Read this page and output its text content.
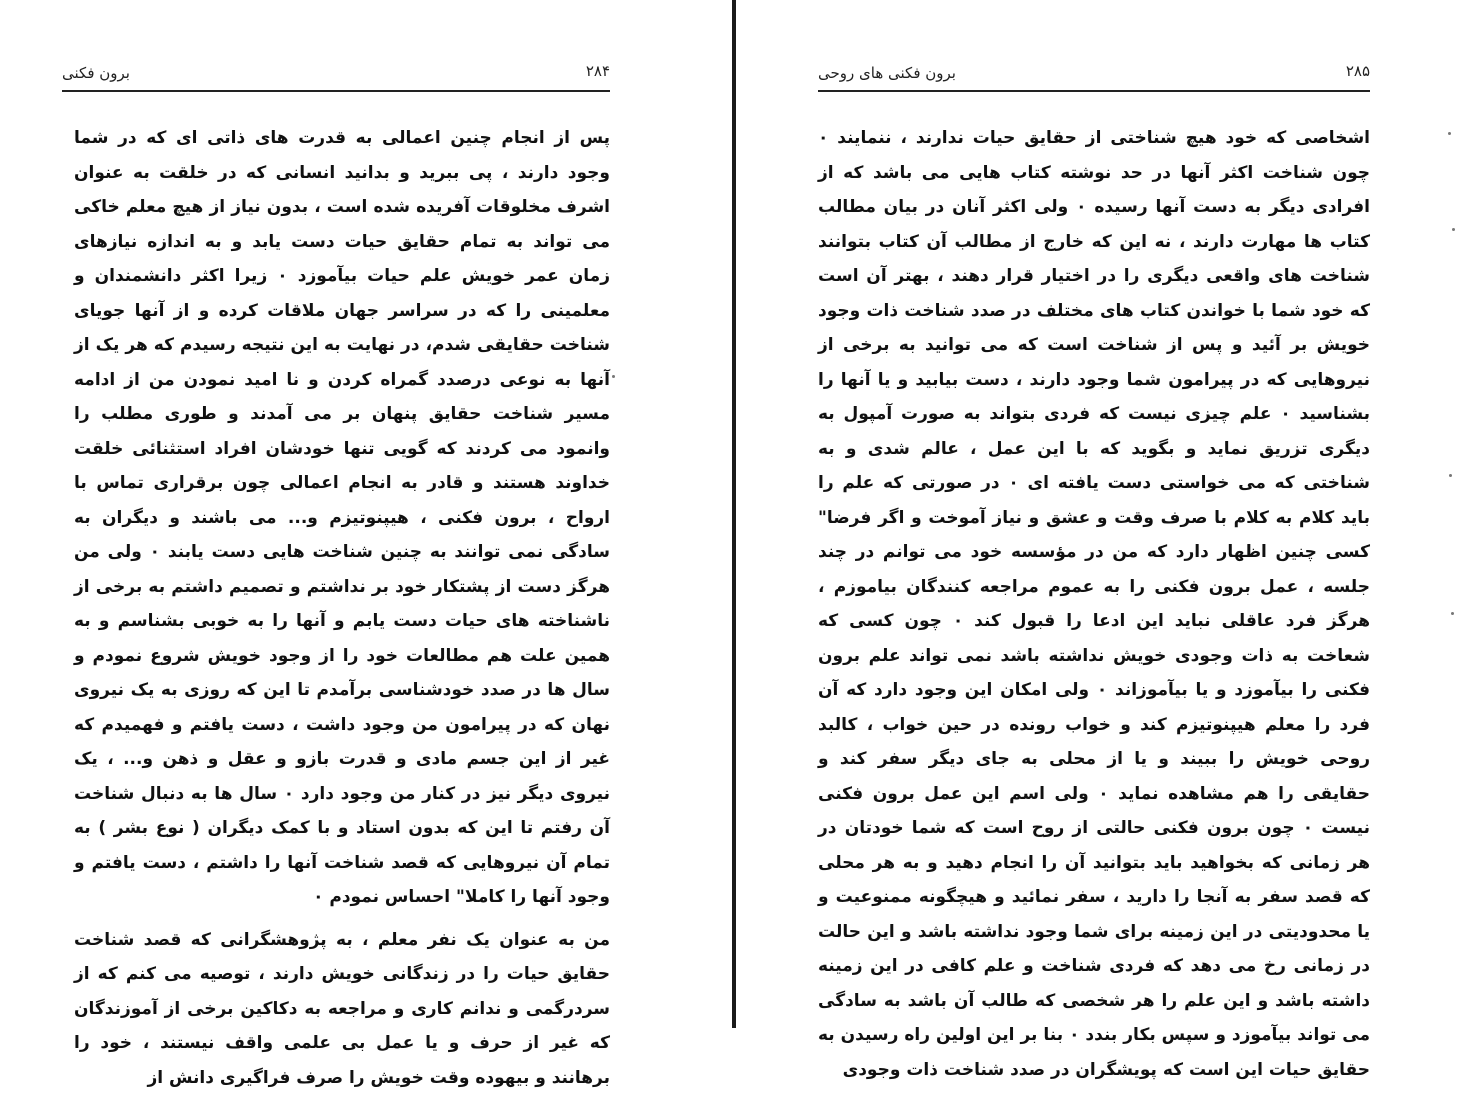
برون فکنی	۲۸۴

پس از انجام چنین اعمالی به قدرت های ذاتی ای که در شما وجود دارند ، پی ببرید و بدانید انسانی که در خلقت به عنوان اشرف مخلوقات آفریده شده است ، بدون نیاز از هیچ معلم خاکی می تواند به تمام حقایق حیات دست یابد و به اندازه نیازهای زمان عمر خویش علم حیات بیآموزد ۰ زیرا اکثر دانشمندان و معلمینی را که در سراسر جهان ملاقات کرده و از آنها جویای شناخت حقایقی شدم، در نهایت به این نتیجه رسیدم که هر یک از آنها به نوعی درصدد گمراه کردن و نا امید نمودن من از ادامه مسیر شناخت حقایق پنهان بر می آمدند و طوری مطلب را وانمود می کردند که گویی تنها خودشان افراد استثنائی خلقت خداوند هستند و قادر به انجام اعمالی چون برقراری تماس با ارواح ، برون فکنی ، هیپنوتیزم و... می باشند و دیگران به سادگی نمی توانند به چنین شناخت هایی دست یابند ۰ ولی من هرگز دست از پشتکار خود بر نداشتم و تصمیم داشتم به برخی از ناشناخته های حیات دست یابم و آنها را به خوبی بشناسم و به همین علت هم مطالعات خود را از وجود خویش شروع نمودم و سال ها در صدد خودشناسی برآمدم تا این که روزی به یک نیروی نهان که در پیرامون من وجود داشت ، دست یافتم و فهمیدم که غیر از این جسم مادی و قدرت بازو و عقل و ذهن و... ، یک نیروی دیگر نیز در کنار من وجود دارد ۰ سال ها به دنبال شناخت آن رفتم تا این که بدون استاد و با کمک دیگران ( نوع بشر ) به تمام آن نیروهایی که قصد شناخت آنها را داشتم ، دست یافتم و وجود آنها را کاملا" احساس نمودم ۰

من به عنوان یک نفر معلم ، به پژوهشگرانی که قصد شناخت حقایق حیات را در زندگانی خویش دارند ، توصیه می کنم که از سردرگمی و ندانم کاری و مراجعه به دکاکین برخی از آموزندگان که غیر از حرف و یا عمل بی علمی واقف نیستند ، خود را برهانند و بیهوده وقت خویش را صرف فراگیری دانش از

برون فکنی های روحی	۲۸۵

اشخاصی که خود هیچ شناختی از حقایق حیات ندارند ، ننمایند ۰ چون شناخت اکثر آنها در حد نوشته کتاب هایی می باشد که از افرادی دیگر به دست آنها رسیده ۰ ولی اکثر آنان در بیان مطالب کتاب ها مهارت دارند ، نه این که خارج از مطالب آن کتاب بتوانند شناخت های واقعی دیگری را در اختیار قرار دهند ، بهتر آن است که خود شما با خواندن کتاب های مختلف در صدد شناخت ذات وجود خویش بر آئید و پس از شناخت است که می توانید به برخی از نیروهایی که در پیرامون شما وجود دارند ، دست بیابید و یا آنها را بشناسید ۰ علم چیزی نیست که فردی بتواند به صورت آمپول به دیگری تزریق نماید و بگوید که با این عمل ، عالم شدی و به شناختی که می خواستی دست یافته ای ۰ در صورتی که علم را باید کلام به کلام با صرف وقت و عشق و نیاز آموخت و اگر فرضا" کسی چنین اظهار دارد که من در مؤسسه خود می توانم در چند جلسه ، عمل برون فکنی را به عموم مراجعه کنندگان بیاموزم ، هرگز فرد عاقلی نباید این ادعا را قبول کند ۰ چون کسی که شعاخت به ذات وجودی خویش نداشته باشد نمی تواند علم برون فکنی را بیآموزد و یا بیآموزاند ۰ ولی امکان این وجود دارد که آن فرد را معلم هیپنوتیزم کند و خواب رونده در حین خواب ، کالبد روحی خویش را ببیند و یا از محلی به جای دیگر سفر کند و حقایقی را هم مشاهده نماید ۰ ولی اسم این عمل برون فکنی نیست ۰ چون برون فکنی حالتی از روح است که شما خودتان در هر زمانی که بخواهید باید بتوانید آن را انجام دهید و به هر محلی که قصد سفر به آنجا را دارید ، سفر نمائید و هیچگونه ممنوعیت و یا محدودیتی در این زمینه برای شما وجود نداشته باشد و این حالت در زمانی رخ می دهد که فردی شناخت و علم کافی در این زمینه داشته باشد و این علم را هر شخصی که طالب آن باشد به سادگی می تواند بیآموزد و سپس بکار بندد ۰ بنا بر این اولین راه رسیدن به حقایق حیات این است که پویشگران در صدد شناخت ذات وجودی
